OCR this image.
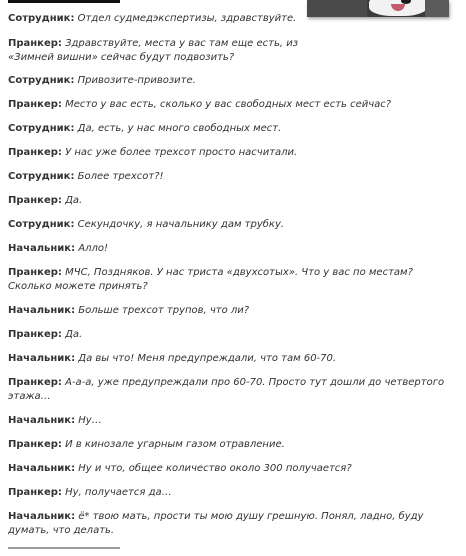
Сотрудник: Отдел судмедэкспертизы, здравствуйте.

Пранкер: Здравствуйте, места у вас там еще есть, из
«Зимней вишни» сейчас будут подвозить?

Сотрудник: Привозите-привозите.

Пранкер: Место у вас есть, сколько у вас свободных мест есть сейчас?

Сотрудник: Да, есть, у нас много свободных мест.

Пранкер: У нас уже более трехсот просто насчитали.

Сотрудник: Более трехсот?!

Пранкер: Да.

Сотрудник: Секундочку, я начальнику дам трубку.

Начальник: Алло!

Пранкер: МЧС, Поздняков. У нас триста «двухсотых». Что у вас по местам?
Сколько можете принять?

Начальник: Больше трехсот трупов, что ли?

Пранкер: Да.

Начальник: Да вы что! Меня предупреждали, что там 60-70.

Пранкер: А-а-а, уже предупреждали про 60-70. Просто тут дошли до четвертого
этажа…

Начальник: Ну…

Пранкер: И в кинозале угарным газом отравление.

Начальник: Ну и что, общее количество около 300 получается?

Пранкер: Ну, получается да…

Начальник: ё* твою мать, прости ты мою душу грешную. Понял, ладно, буду
думать, что делать.
